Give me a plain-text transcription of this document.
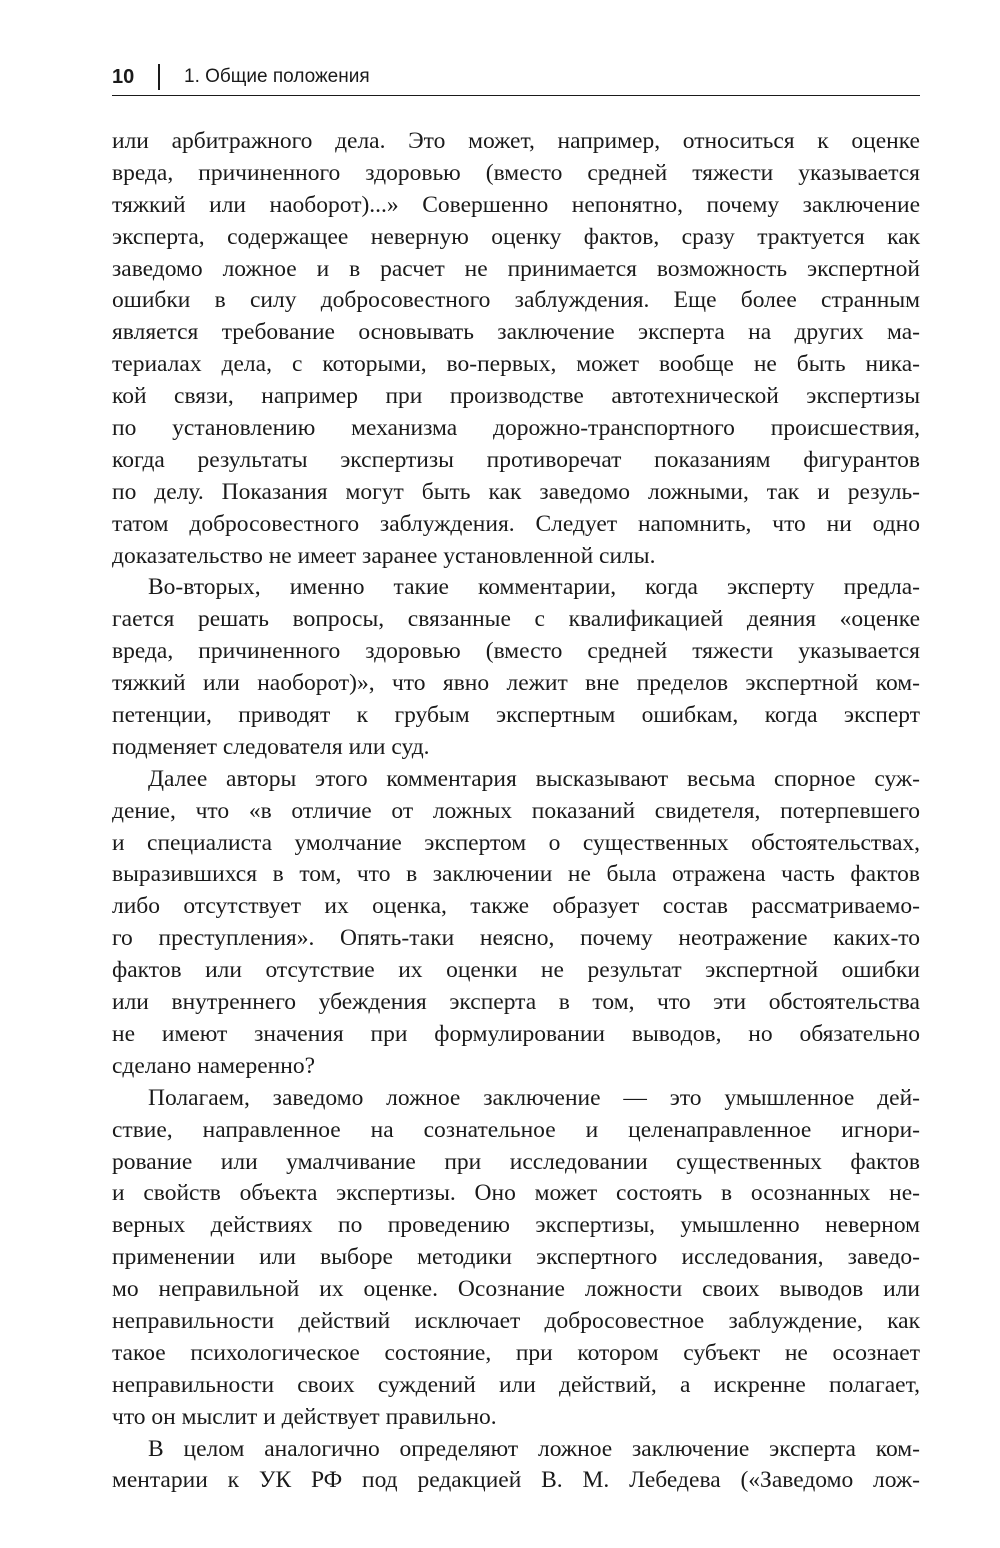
10	1. Общие положения
или арбитражного дела. Это может, например, относиться к оценке
вреда, причиненного здоровью (вместо средней тяжести указывается
тяжкий или наоборот)...» Совершенно непонятно, почему заключение
эксперта, содержащее неверную оценку фактов, сразу трактуется как
заведомо ложное и в расчет не принимается возможность экспертной
ошибки в силу добросовестного заблуждения. Еще более странным
является требование основывать заключение эксперта на других ма-
териалах дела, с которыми, во-первых, может вообще не быть ника-
кой связи, например при производстве автотехнической экспертизы
по установлению механизма дорожно-транспортного происшествия,
когда результаты экспертизы противоречат показаниям фигурантов
по делу. Показания могут быть как заведомо ложными, так и резуль-
татом добросовестного заблуждения. Следует напомнить, что ни одно
доказательство не имеет заранее установленной силы.
Во-вторых, именно такие комментарии, когда эксперту предла-
гается решать вопросы, связанные с квалификацией деяния «оценке
вреда, причиненного здоровью (вместо средней тяжести указывается
тяжкий или наоборот)», что явно лежит вне пределов экспертной ком-
петенции, приводят к грубым экспертным ошибкам, когда эксперт
подменяет следователя или суд.
Далее авторы этого комментария высказывают весьма спорное суж-
дение, что «в отличие от ложных показаний свидетеля, потерпевшего
и специалиста умолчание экспертом о существенных обстоятельствах,
выразившихся в том, что в заключении не была отражена часть фактов
либо отсутствует их оценка, также образует состав рассматриваемо-
го преступления». Опять-таки неясно, почему неотражение каких-то
фактов или отсутствие их оценки не результат экспертной ошибки
или внутреннего убеждения эксперта в том, что эти обстоятельства
не имеют значения при формулировании выводов, но обязательно
сделано намеренно?
Полагаем, заведомо ложное заключение — это умышленное дей-
ствие, направленное на сознательное и целенаправленное игнори-
рование или умалчивание при исследовании существенных фактов
и свойств объекта экспертизы. Оно может состоять в осознанных не-
верных действиях по проведению экспертизы, умышленно неверном
применении или выборе методики экспертного исследования, заведо-
мо неправильной их оценке. Осознание ложности своих выводов или
неправильности действий исключает добросовестное заблуждение, как
такое психологическое состояние, при котором субъект не осознает
неправильности своих суждений или действий, а искренне полагает,
что он мыслит и действует правильно.
В целом аналогично определяют ложное заключение эксперта ком-
ментарии к УК РФ под редакцией В. М. Лебедева («Заведомо лож-
